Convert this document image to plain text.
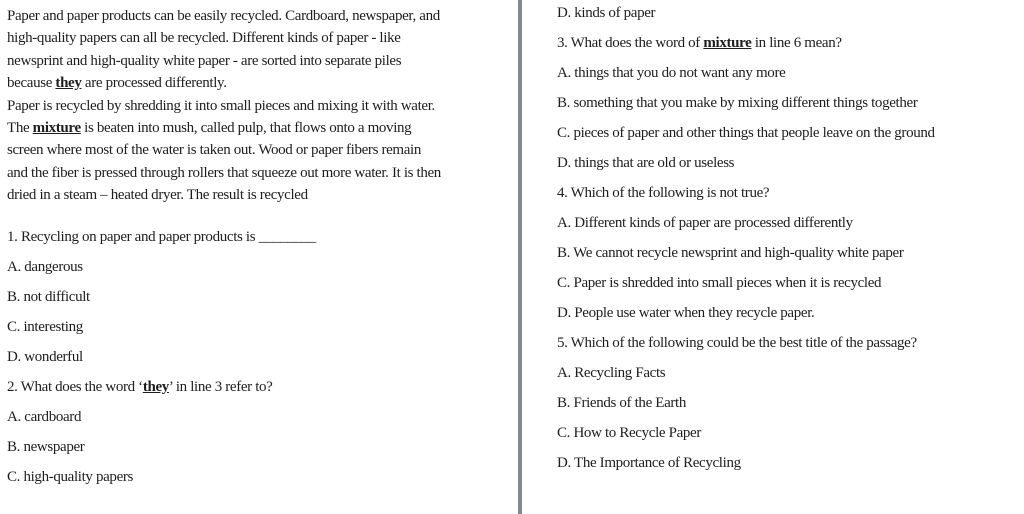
Paper and paper products can be easily recycled. Cardboard, newspaper, and
high-quality papers can all be recycled. Different kinds of paper - like
newsprint and high-quality white paper - are sorted into separate piles
because they are processed differently.
Paper is recycled by shredding it into small pieces and mixing it with water.
The mixture is beaten into mush, called pulp, that flows onto a moving
screen where most of the water is taken out. Wood or paper fibers remain
and the fiber is pressed through rollers that squeeze out more water. It is then
dried in a steam – heated dryer. The result is recycled
1. Recycling on paper and paper products is ________
A. dangerous
B. not difficult
C. interesting
D. wonderful
2. What does the word ‘they’ in line 3 refer to?
A. cardboard
B. newspaper
C. high-quality papers
D. kinds of paper
3. What does the word of mixture in line 6 mean?
A. things that you do not want any more
B. something that you make by mixing different things together
C. pieces of paper and other things that people leave on the ground
D. things that are old or useless
4. Which of the following is not true?
A. Different kinds of paper are processed differently
B. We cannot recycle newsprint and high-quality white paper
C. Paper is shredded into small pieces when it is recycled
D. People use water when they recycle paper.
5. Which of the following could be the best title of the passage?
A. Recycling Facts
B. Friends of the Earth
C. How to Recycle Paper
D. The Importance of Recycling
